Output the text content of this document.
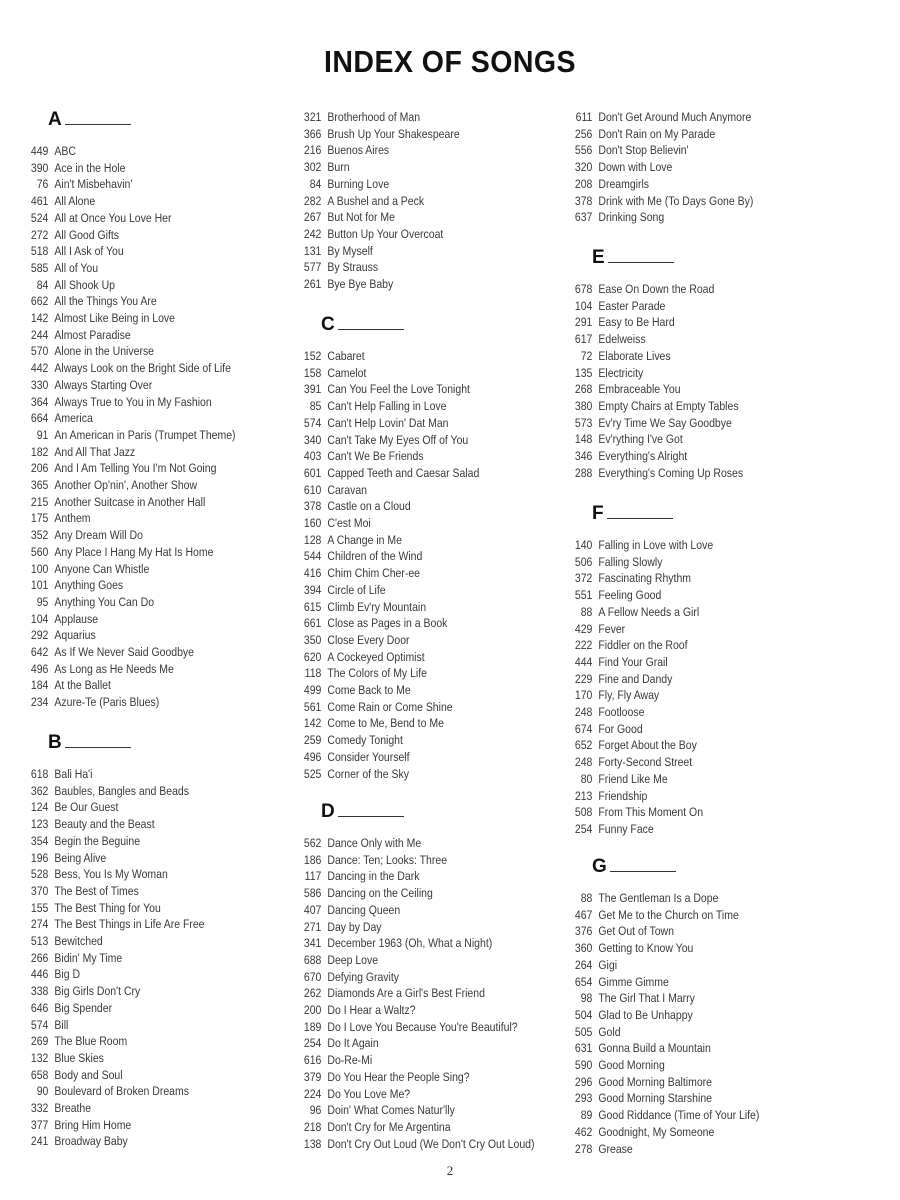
INDEX OF SONGS
A
449 ABC
390 Ace in the Hole
76 Ain't Misbehavin'
461 All Alone
524 All at Once You Love Her
272 All Good Gifts
518 All I Ask of You
585 All of You
84 All Shook Up
662 All the Things You Are
142 Almost Like Being in Love
244 Almost Paradise
570 Alone in the Universe
442 Always Look on the Bright Side of Life
330 Always Starting Over
364 Always True to You in My Fashion
664 America
91 An American in Paris (Trumpet Theme)
182 And All That Jazz
206 And I Am Telling You I'm Not Going
365 Another Op'nin', Another Show
215 Another Suitcase in Another Hall
175 Anthem
352 Any Dream Will Do
560 Any Place I Hang My Hat Is Home
100 Anyone Can Whistle
101 Anything Goes
95 Anything You Can Do
104 Applause
292 Aquarius
642 As If We Never Said Goodbye
496 As Long as He Needs Me
184 At the Ballet
234 Azure-Te (Paris Blues)
B
618 Bali Ha'i
362 Baubles, Bangles and Beads
124 Be Our Guest
123 Beauty and the Beast
354 Begin the Beguine
196 Being Alive
528 Bess, You Is My Woman
370 The Best of Times
155 The Best Thing for You
274 The Best Things in Life Are Free
513 Bewitched
266 Bidin' My Time
446 Big D
338 Big Girls Don't Cry
646 Big Spender
574 Bill
269 The Blue Room
132 Blue Skies
658 Body and Soul
90 Boulevard of Broken Dreams
332 Breathe
377 Bring Him Home
241 Broadway Baby
321 Brotherhood of Man
366 Brush Up Your Shakespeare
216 Buenos Aires
302 Burn
84 Burning Love
282 A Bushel and a Peck
267 But Not for Me
242 Button Up Your Overcoat
131 By Myself
577 By Strauss
261 Bye Bye Baby
C
152 Cabaret
158 Camelot
391 Can You Feel the Love Tonight
85 Can't Help Falling in Love
574 Can't Help Lovin' Dat Man
340 Can't Take My Eyes Off of You
403 Can't We Be Friends
601 Capped Teeth and Caesar Salad
610 Caravan
378 Castle on a Cloud
160 C'est Moi
128 A Change in Me
544 Children of the Wind
416 Chim Chim Cher-ee
394 Circle of Life
615 Climb Ev'ry Mountain
661 Close as Pages in a Book
350 Close Every Door
620 A Cockeyed Optimist
118 The Colors of My Life
499 Come Back to Me
561 Come Rain or Come Shine
142 Come to Me, Bend to Me
259 Comedy Tonight
496 Consider Yourself
525 Corner of the Sky
D
562 Dance Only with Me
186 Dance: Ten; Looks: Three
117 Dancing in the Dark
586 Dancing on the Ceiling
407 Dancing Queen
271 Day by Day
341 December 1963 (Oh, What a Night)
688 Deep Love
670 Defying Gravity
262 Diamonds Are a Girl's Best Friend
200 Do I Hear a Waltz?
189 Do I Love You Because You're Beautiful?
254 Do It Again
616 Do-Re-Mi
379 Do You Hear the People Sing?
224 Do You Love Me?
96 Doin' What Comes Natur'lly
218 Don't Cry for Me Argentina
138 Don't Cry Out Loud (We Don't Cry Out Loud)
611 Don't Get Around Much Anymore
256 Don't Rain on My Parade
556 Don't Stop Believin'
320 Down with Love
208 Dreamgirls
378 Drink with Me (To Days Gone By)
637 Drinking Song
E
678 Ease On Down the Road
104 Easter Parade
291 Easy to Be Hard
617 Edelweiss
72 Elaborate Lives
135 Electricity
268 Embraceable You
380 Empty Chairs at Empty Tables
573 Ev'ry Time We Say Goodbye
148 Ev'rything I've Got
346 Everything's Alright
288 Everything's Coming Up Roses
F
140 Falling in Love with Love
506 Falling Slowly
372 Fascinating Rhythm
551 Feeling Good
88 A Fellow Needs a Girl
429 Fever
222 Fiddler on the Roof
444 Find Your Grail
229 Fine and Dandy
170 Fly, Fly Away
248 Footloose
674 For Good
652 Forget About the Boy
248 Forty-Second Street
80 Friend Like Me
213 Friendship
508 From This Moment On
254 Funny Face
G
88 The Gentleman Is a Dope
467 Get Me to the Church on Time
376 Get Out of Town
360 Getting to Know You
264 Gigi
654 Gimme Gimme
98 The Girl That I Marry
504 Glad to Be Unhappy
505 Gold
631 Gonna Build a Mountain
590 Good Morning
296 Good Morning Baltimore
293 Good Morning Starshine
89 Good Riddance (Time of Your Life)
462 Goodnight, My Someone
278 Grease
2
